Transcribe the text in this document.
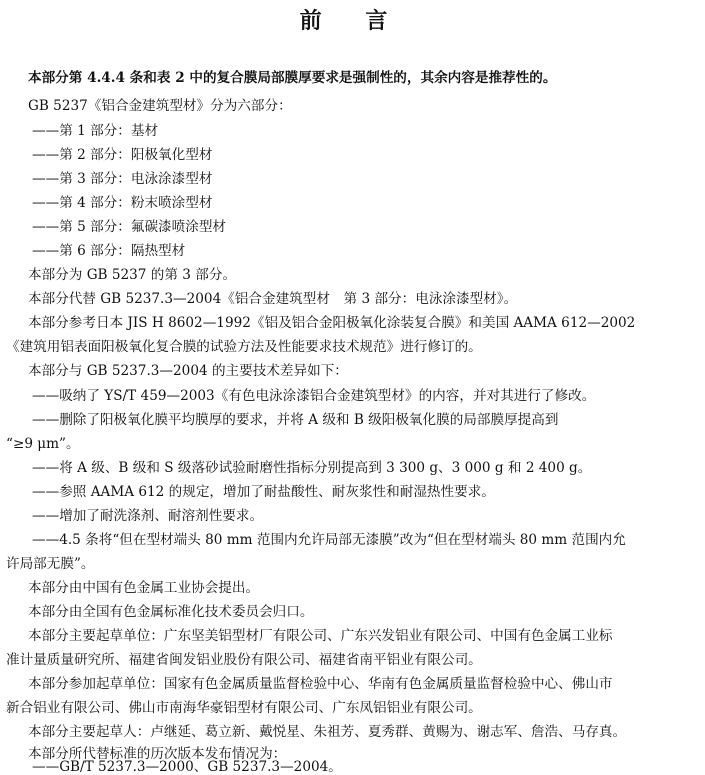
前 言
本部分第 4.4.4 条和表 2 中的复合膜局部膜厚要求是强制性的，其余内容是推荐性的。
GB 5237《铝合金建筑型材》分为六部分：
——第 1 部分：基材
——第 2 部分：阳极氧化型材
——第 3 部分：电泳涂漆型材
——第 4 部分：粉末喷涂型材
——第 5 部分：氟碳漆喷涂型材
——第 6 部分：隔热型材
本部分为 GB 5237 的第 3 部分。
本部分代替 GB 5237.3—2004《铝合金建筑型材　第 3 部分：电泳涂漆型材》。
本部分参考日本 JIS H 8602—1992《铝及铝合金阳极氧化涂装复合膜》和美国 AAMA 612—2002
《建筑用铝表面阳极氧化复合膜的试验方法及性能要求技术规范》进行修订的。
本部分与 GB 5237.3—2004 的主要技术差异如下：
——吸纳了 YS/T 459—2003《有色电泳涂漆铝合金建筑型材》的内容，并对其进行了修改。
——删除了阳极氧化膜平均膜厚的要求，并将 A 级和 B 级阳极氧化膜的局部膜厚提高到
“≥9 μm”。
——将 A 级、B 级和 S 级落砂试验耐磨性指标分别提高到 3 300 g、3 000 g 和 2 400 g。
——参照 AAMA 612 的规定，增加了耐盐酸性、耐灰浆性和耐湿热性要求。
——增加了耐洗涤剂、耐溶剂性要求。
——4.5 条将“但在型材端头 80 mm 范围内允许局部无漆膜”改为“但在型材端头 80 mm 范围内允
许局部无膜”。
本部分由中国有色金属工业协会提出。
本部分由全国有色金属标准化技术委员会归口。
本部分主要起草单位：广东坚美铝型材厂有限公司、广东兴发铝业有限公司、中国有色金属工业标
准计量质量研究所、福建省闽发铝业股份有限公司、福建省南平铝业有限公司。
本部分参加起草单位：国家有色金属质量监督检验中心、华南有色金属质量监督检验中心、佛山市
新合铝业有限公司、佛山市南海华豪铝型材有限公司、广东凤铝铝业有限公司。
本部分主要起草人：卢继延、葛立新、戴悦星、朱祖芳、夏秀群、黄赐为、谢志军、詹浩、马存真。
本部分所代替标准的历次版本发布情况为：
——GB/T 5237.3—2000、GB 5237.3—2004。
